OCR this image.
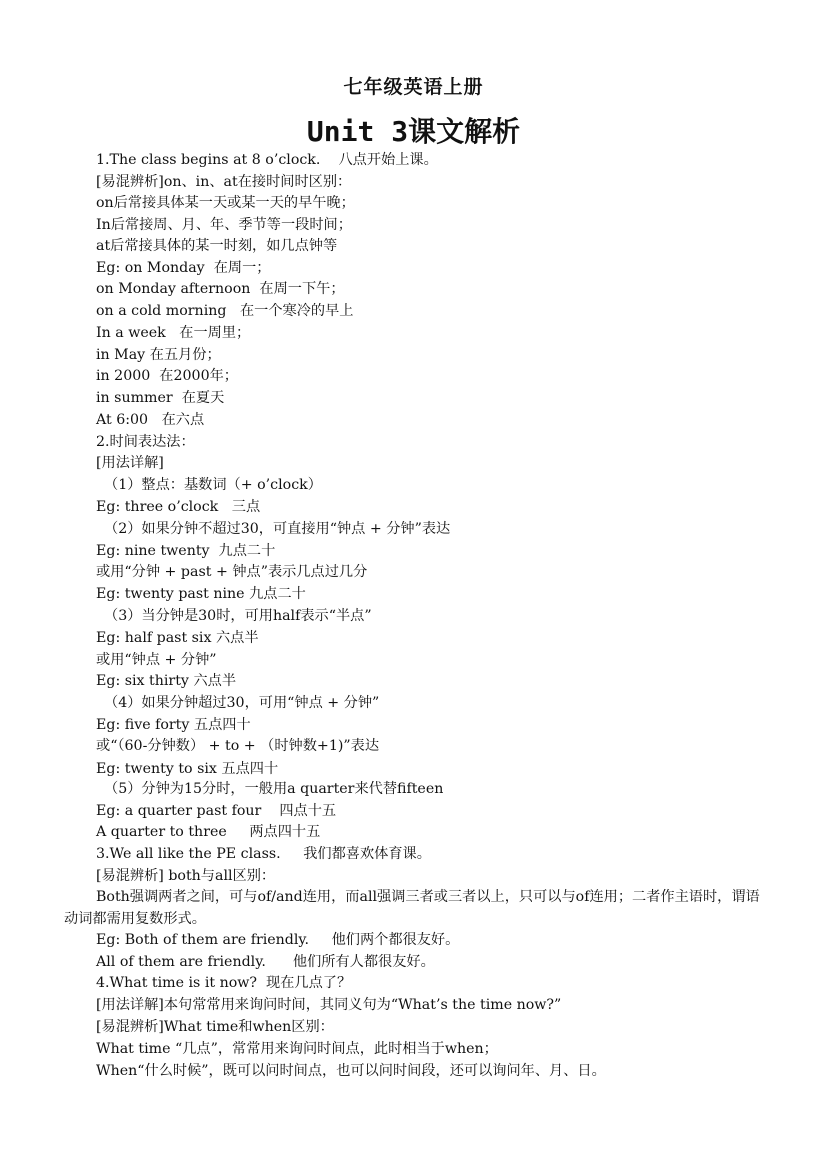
七年级英语上册
Unit 3课文解析
1.The class begins at 8 o’clock.    八点开始上课。
[易混辨析]on、in、at在接时间时区别：
on后常接具体某一天或某一天的早午晚；
In后常接周、月、年、季节等一段时间；
at后常接具体的某一时刻，如几点钟等
Eg: on Monday  在周一；
on Monday afternoon  在周一下午；
on a cold morning   在一个寒冷的早上
In a week   在一周里；
in May 在五月份；
in 2000  在2000年；
in summer  在夏天
At 6:00   在六点
2.时间表达法：
[用法详解]
（1）整点：基数词（+ o’clock）
Eg: three o’clock   三点
（2）如果分钟不超过30，可直接用“钟点 + 分钟”表达
Eg: nine twenty  九点二十
或用“分钟 + past + 钟点”表示几点过几分
Eg: twenty past nine 九点二十
（3）当分钟是30时，可用half表示“半点”
Eg: half past six 六点半
或用“钟点 + 分钟”
Eg: six thirty 六点半
（4）如果分钟超过30，可用“钟点 + 分钟”
Eg: five forty 五点四十
或“（60-分钟数） + to + （时钟数+1)”表达
Eg: twenty to six 五点四十
（5）分钟为15分时，一般用a quarter来代替fifteen
Eg: a quarter past four    四点十五
A quarter to three     两点四十五
3.We all like the PE class.     我们都喜欢体育课。
[易混辨析] both与all区别：
Both强调两者之间，可与of/and连用，而all强调三者或三者以上，只可以与of连用；二者作主语时，谓语动词都需用复数形式。
Eg: Both of them are friendly.     他们两个都很友好。
All of them are friendly.      他们所有人都很友好。
4.What time is it now?  现在几点了？
[用法详解]本句常常用来询问时间，其同义句为“What’s the time now?”
[易混辨析]What time和when区别：
What time “几点”，常常用来询问时间点，此时相当于when；
When“什么时候”，既可以问时间点，也可以问时间段，还可以询问年、月、日。
